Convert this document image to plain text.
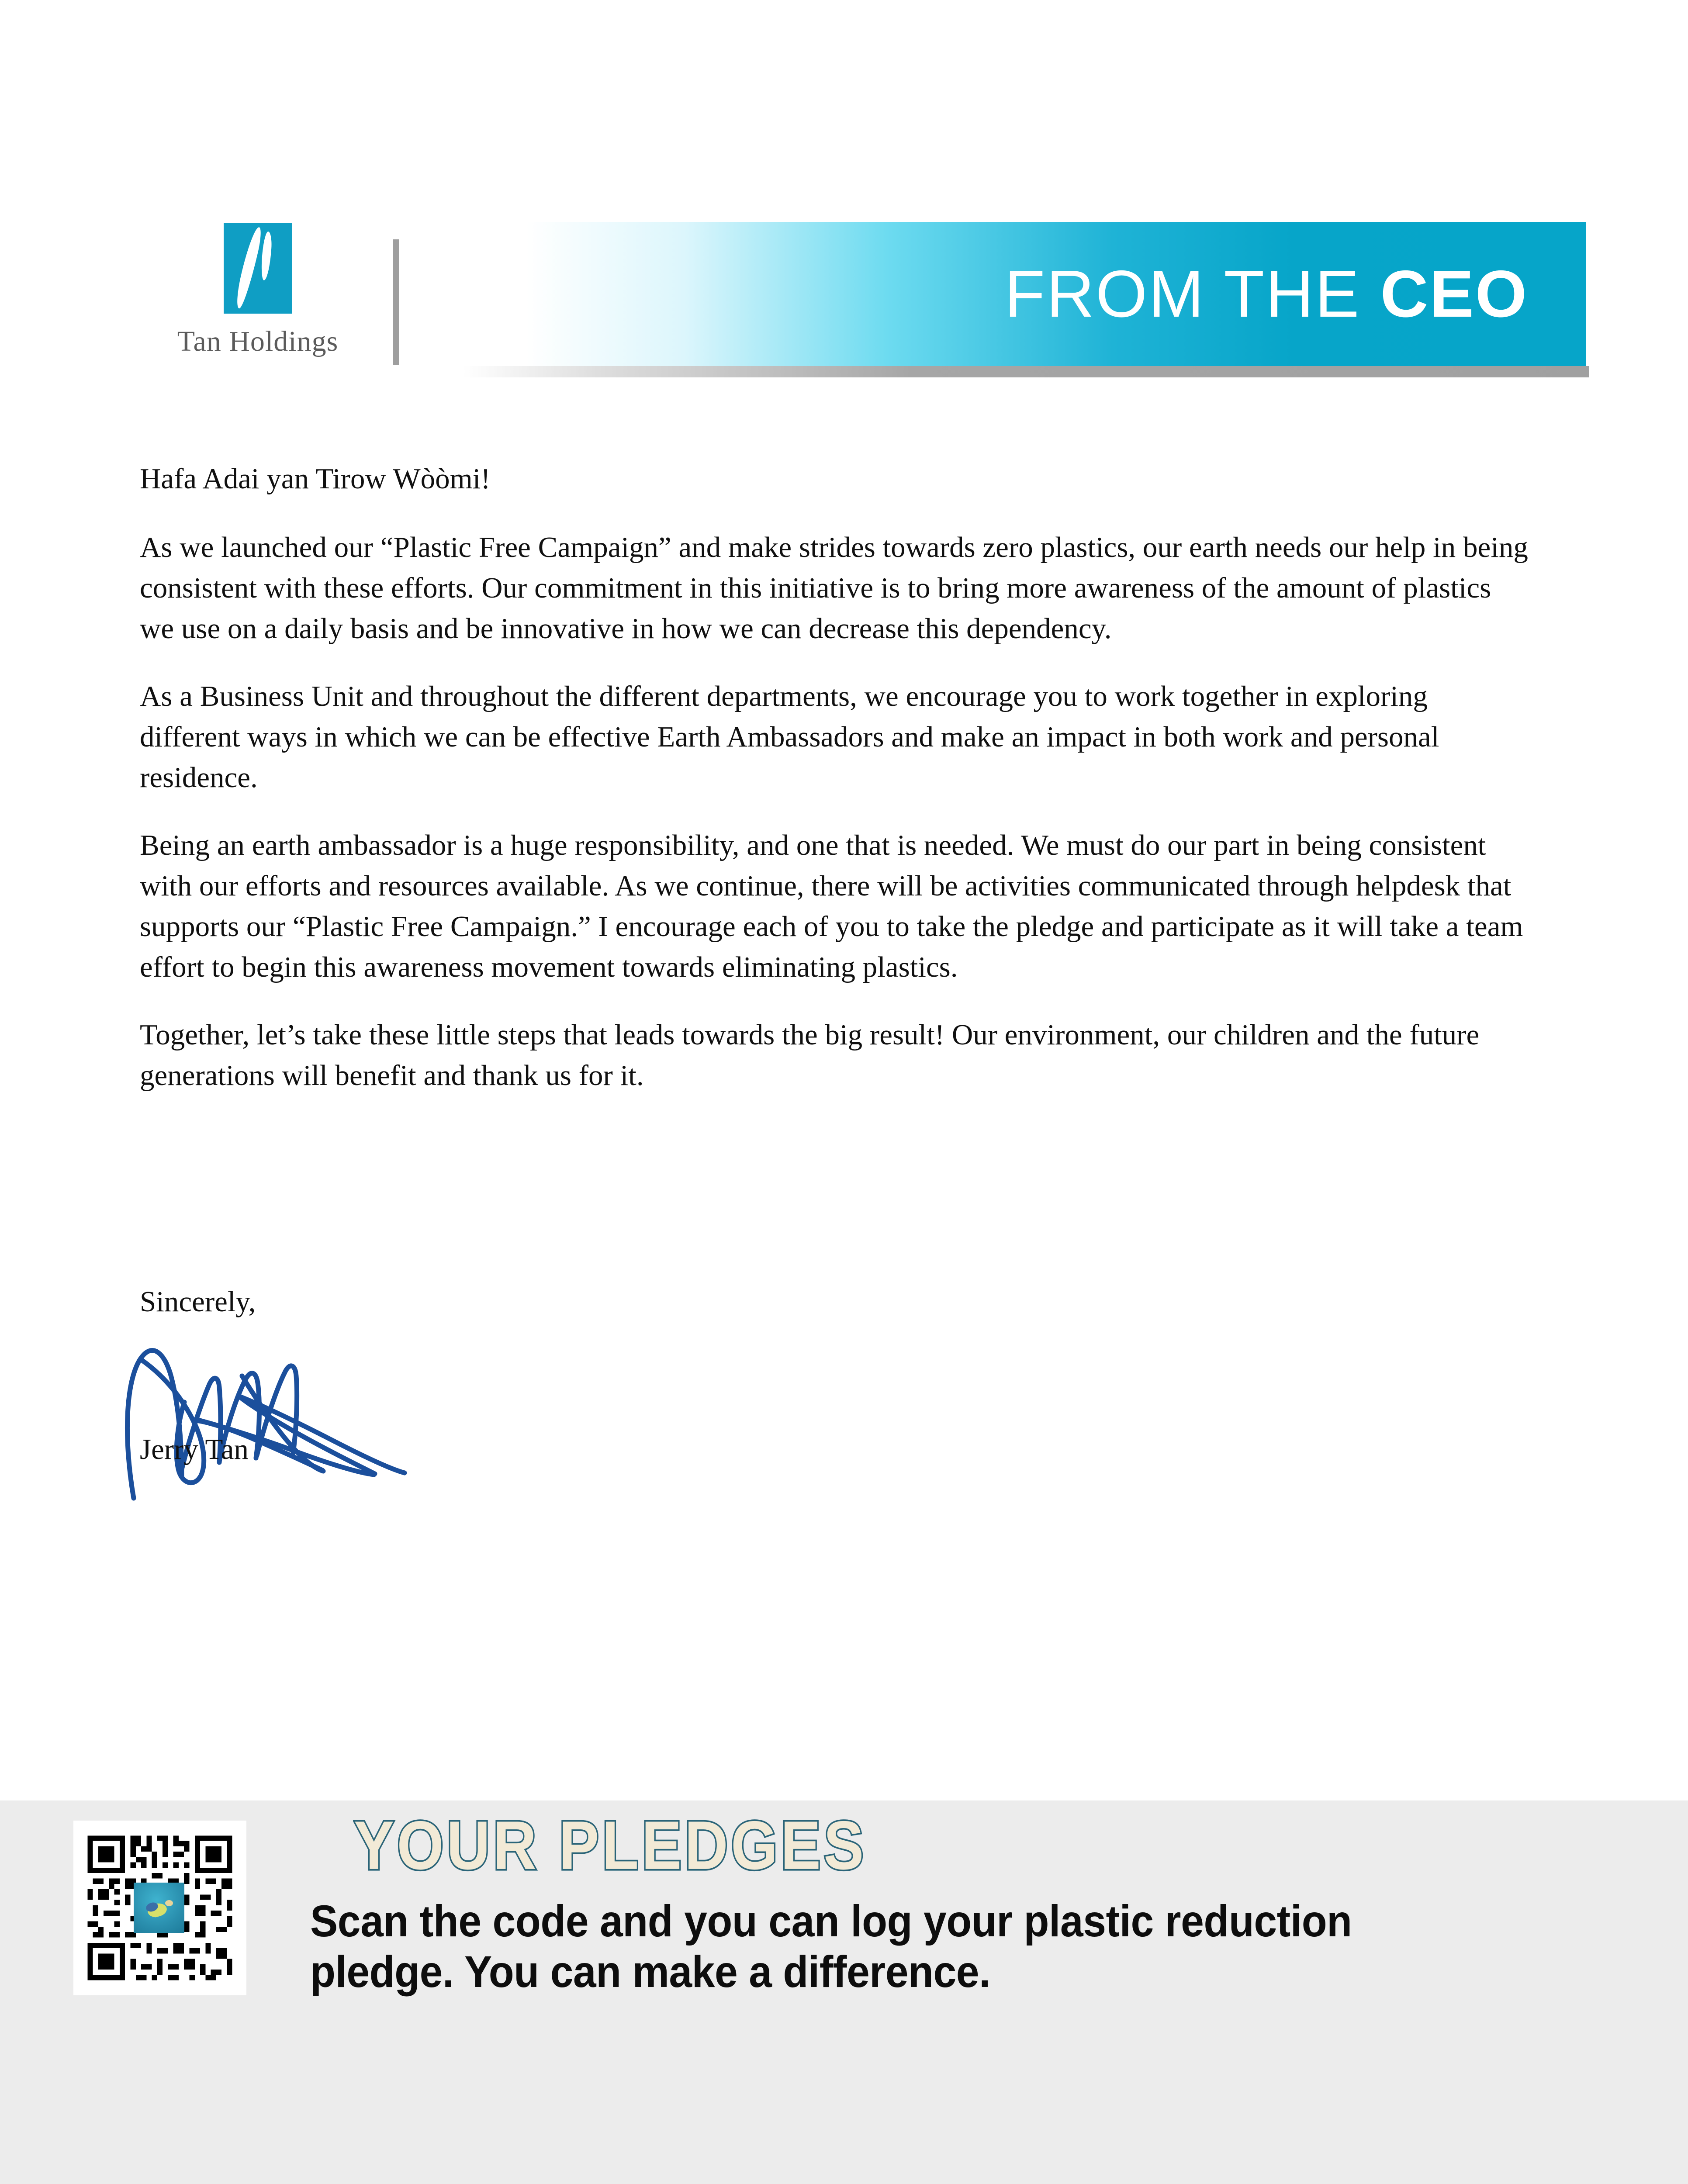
Tan Holdings
FROM THE CEO

Hafa Adai yan Tirow Wòòmi!

As we launched our “Plastic Free Campaign” and make strides towards zero plastics, our earth needs our help in being consistent with these efforts. Our commitment in this initiative is to bring more awareness of the amount of plastics we use on a daily basis and be innovative in how we can decrease this dependency.

As a Business Unit and throughout the different departments, we encourage you to work together in exploring different ways in which we can be effective Earth Ambassadors and make an impact in both work and personal residence.

Being an earth ambassador is a huge responsibility, and one that is needed. We must do our part in being consistent with our efforts and resources available. As we continue, there will be activities communicated through helpdesk that supports our “Plastic Free Campaign.” I encourage each of you to take the pledge and participate as it will take a team effort to begin this awareness movement towards eliminating plastics.

Together, let’s take these little steps that leads towards the big result! Our environment, our children and the future generations will benefit and thank us for it.

Sincerely,

Jerry Tan

YOUR PLEDGES
Scan the code and you can log your plastic reduction
pledge. You can make a difference.
